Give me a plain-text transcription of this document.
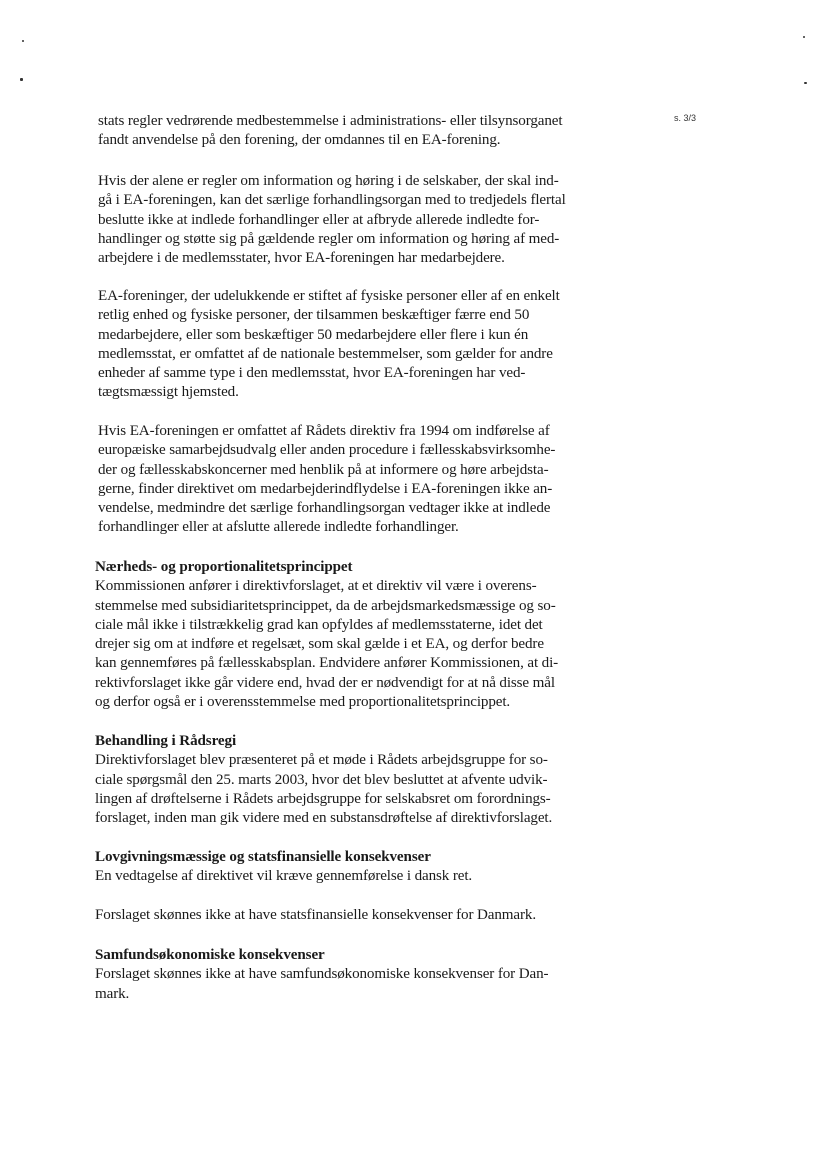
s. 3/3

stats regler vedrørende medbestemmelse i administrations- eller tilsynsorganet
fandt anvendelse på den forening, der omdannes til en EA-forening.

Hvis der alene er regler om information og høring i de selskaber, der skal ind-
gå i EA-foreningen, kan det særlige forhandlingsorgan med to tredjedels flertal
beslutte ikke at indlede forhandlinger eller at afbryde allerede indledte for-
handlinger og støtte sig på gældende regler om information og høring af med-
arbejdere i de medlemsstater, hvor EA-foreningen har medarbejdere.

EA-foreninger, der udelukkende er stiftet af fysiske personer eller af en enkelt
retlig enhed og fysiske personer, der tilsammen beskæftiger færre end 50
medarbejdere, eller som beskæftiger 50 medarbejdere eller flere i kun én
medlemsstat, er omfattet af de nationale bestemmelser, som gælder for andre
enheder af samme type i den medlemsstat, hvor EA-foreningen har ved-
tægtsmæssigt hjemsted.

Hvis EA-foreningen er omfattet af Rådets direktiv fra 1994 om indførelse af
europæiske samarbejdsudvalg eller anden procedure i fællesskabsvirksomhe-
der og fællesskabskoncerner med henblik på at informere og høre arbejdsta-
gerne, finder direktivet om medarbejderindflydelse i EA-foreningen ikke an-
vendelse, medmindre det særlige forhandlingsorgan vedtager ikke at indlede
forhandlinger eller at afslutte allerede indledte forhandlinger.

Nærheds- og proportionalitetsprincippet
Kommissionen anfører i direktivforslaget, at et direktiv vil være i overens-
stemmelse med subsidiaritetsprincippet, da de arbejdsmarkedsmæssige og so-
ciale mål ikke i tilstrækkelig grad kan opfyldes af medlemsstaterne, idet det
drejer sig om at indføre et regelsæt, som skal gælde i et EA, og derfor bedre
kan gennemføres på fællesskabsplan. Endvidere anfører Kommissionen, at di-
rektivforslaget ikke går videre end, hvad der er nødvendigt for at nå disse mål
og derfor også er i overensstemmelse med proportionalitetsprincippet.
Behandling i Rådsregi
Direktivforslaget blev præsenteret på et møde i Rådets arbejdsgruppe for so-
ciale spørgsmål den 25. marts 2003, hvor det blev besluttet at afvente udvik-
lingen af drøftelserne i Rådets arbejdsgruppe for selskabsret om forordnings-
forslaget, inden man gik videre med en substansdrøftelse af direktivforslaget.
Lovgivningsmæssige og statsfinansielle konsekvenser
En vedtagelse af direktivet vil kræve gennemførelse i dansk ret.

Forslaget skønnes ikke at have statsfinansielle konsekvenser for Danmark.

Samfundsøkonomiske konsekvenser
Forslaget skønnes ikke at have samfundsøkonomiske konsekvenser for Dan-
mark.
